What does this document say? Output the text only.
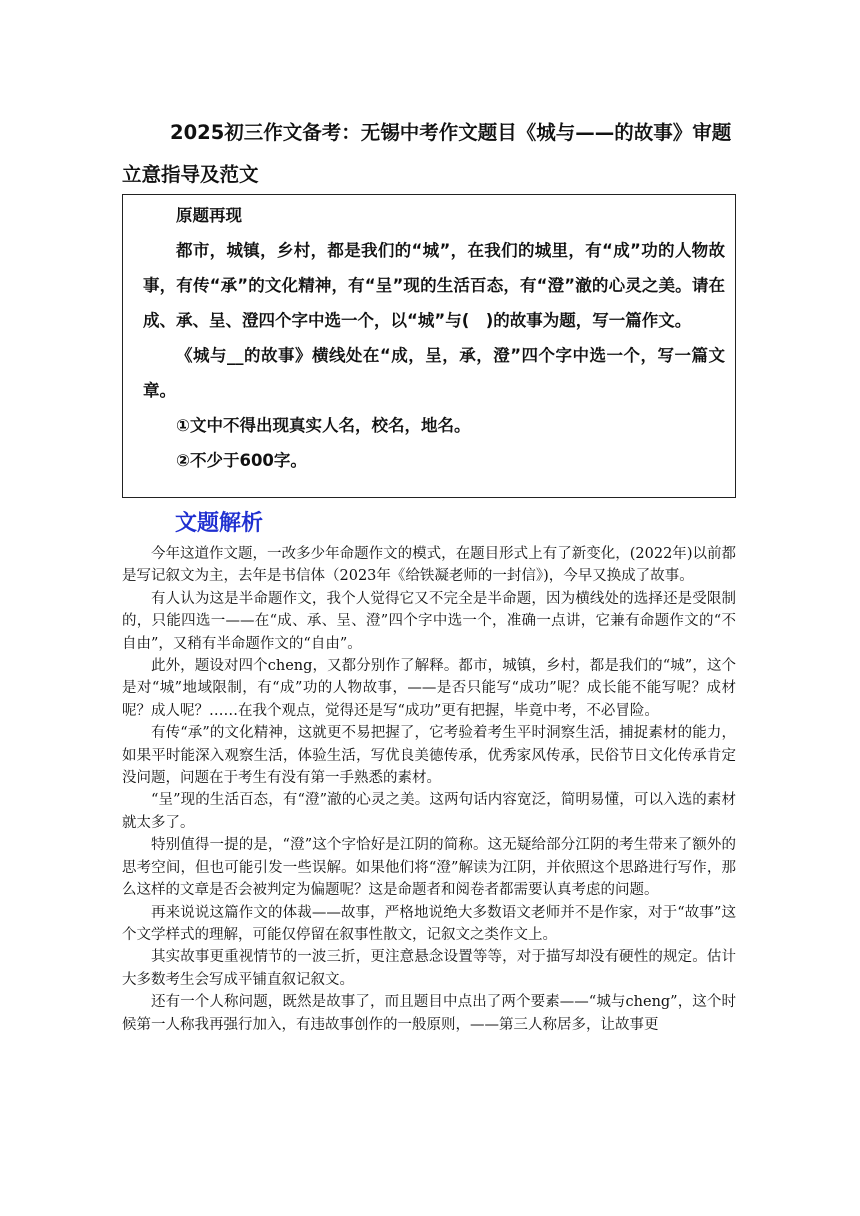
2025初三作文备考：无锡中考作文题目《城与——的故事》审题立意指导及范文

原题再现

都市，城镇，乡村，都是我们的“城”，在我们的城里，有“成”功的人物故事，有传“承”的文化精神，有“呈”现的生活百态，有“澄”澈的心灵之美。请在成、承、呈、澄四个字中选一个，以“城”与(　)的故事为题，写一篇作文。

《城与__的故事》横线处在“成，呈，承，澄”四个字中选一个，写一篇文章。

①文中不得出现真实人名，校名，地名。

②不少于600字。

文题解析

今年这道作文题，一改多少年命题作文的模式，在题目形式上有了新变化，(2022年)以前都是写记叙文为主，去年是书信体（2023年《给铁凝老师的一封信》)，今早又换成了故事。

有人认为这是半命题作文，我个人觉得它又不完全是半命题，因为横线处的选择还是受限制的，只能四选一——在“成、承、呈、澄”四个字中选一个，准确一点讲，它兼有命题作文的“不自由”，又稍有半命题作文的“自由”。

此外，题设对四个cheng，又都分别作了解释。都市，城镇，乡村，都是我们的“城”，这个是对“城”地域限制，有“成”功的人物故事，——是否只能写“成功”呢？成长能不能写呢？成材呢？成人呢？……在我个观点，觉得还是写“成功”更有把握，毕竟中考，不必冒险。

有传“承”的文化精神，这就更不易把握了，它考验着考生平时洞察生活，捕捉素材的能力，如果平时能深入观察生活，体验生活，写优良美德传承，优秀家风传承，民俗节日文化传承肯定没问题，问题在于考生有没有第一手熟悉的素材。

“呈”现的生活百态，有“澄”澈的心灵之美。这两句话内容宽泛，简明易懂，可以入选的素材就太多了。

特别值得一提的是，“澄”这个字恰好是江阴的简称。这无疑给部分江阴的考生带来了额外的思考空间，但也可能引发一些误解。如果他们将“澄”解读为江阴，并依照这个思路进行写作，那么这样的文章是否会被判定为偏题呢？这是命题者和阅卷者都需要认真考虑的问题。

再来说说这篇作文的体裁——故事，严格地说绝大多数语文老师并不是作家，对于“故事”这个文学样式的理解，可能仅停留在叙事性散文，记叙文之类作文上。

其实故事更重视情节的一波三折，更注意悬念设置等等，对于描写却没有硬性的规定。估计大多数考生会写成平铺直叙记叙文。

还有一个人称问题，既然是故事了，而且题目中点出了两个要素——“城与cheng”，这个时候第一人称我再强行加入，有违故事创作的一般原则，——第三人称居多，让故事更
